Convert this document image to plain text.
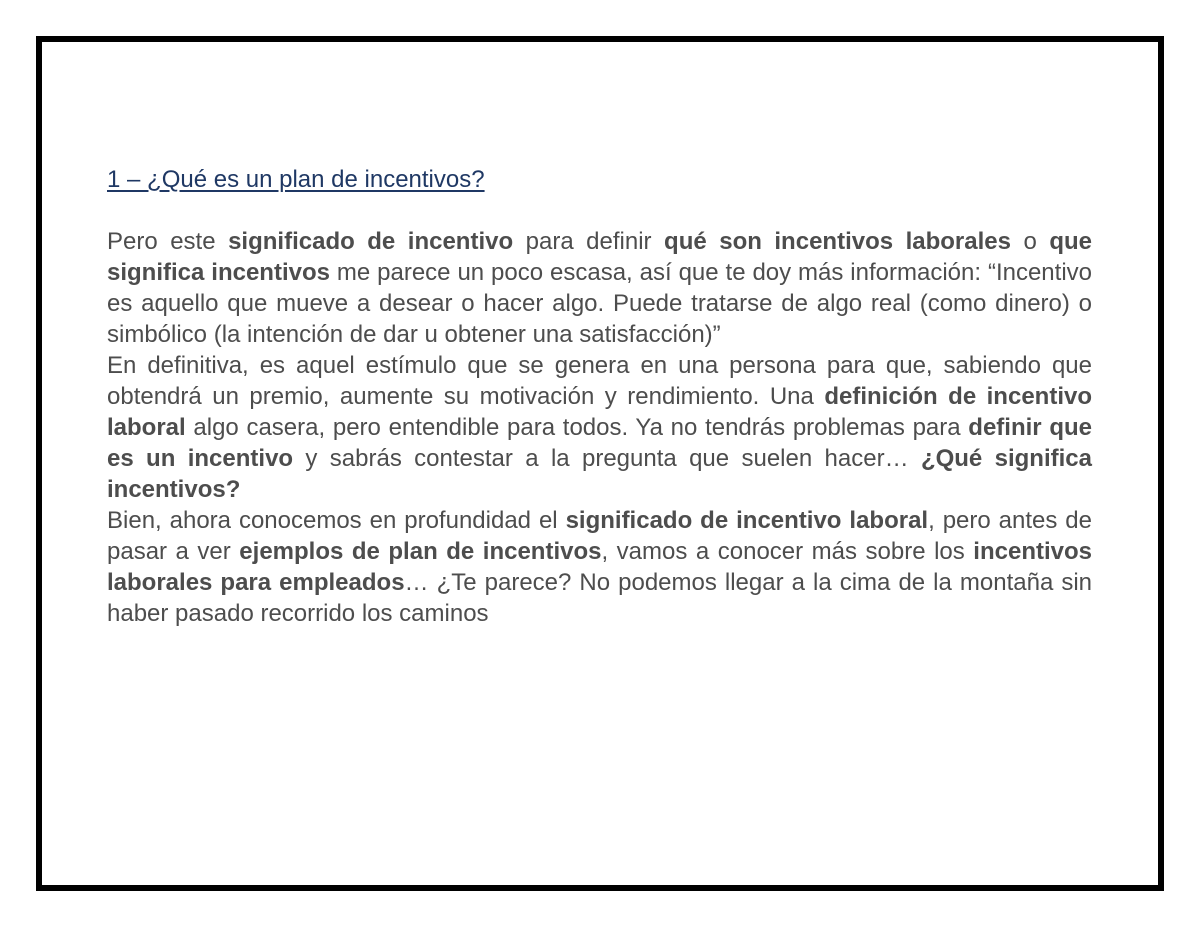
1 – ¿Qué es un plan de incentivos?

Pero este significado de incentivo para definir qué son incentivos laborales o que significa incentivos me parece un poco escasa, así que te doy más información: “Incentivo es aquello que mueve a desear o hacer algo. Puede tratarse de algo real (como dinero) o simbólico (la intención de dar u obtener una satisfacción)”

En definitiva, es aquel estímulo que se genera en una persona para que, sabiendo que obtendrá un premio, aumente su motivación y rendimiento. Una definición de incentivo laboral algo casera, pero entendible para todos. Ya no tendrás problemas para definir que es un incentivo y sabrás contestar a la pregunta que suelen hacer… ¿Qué significa incentivos?

Bien, ahora conocemos en profundidad el significado de incentivo laboral, pero antes de pasar a ver ejemplos de plan de incentivos, vamos a conocer más sobre los incentivos laborales para empleados… ¿Te parece? No podemos llegar a la cima de la montaña sin haber pasado recorrido los caminos
